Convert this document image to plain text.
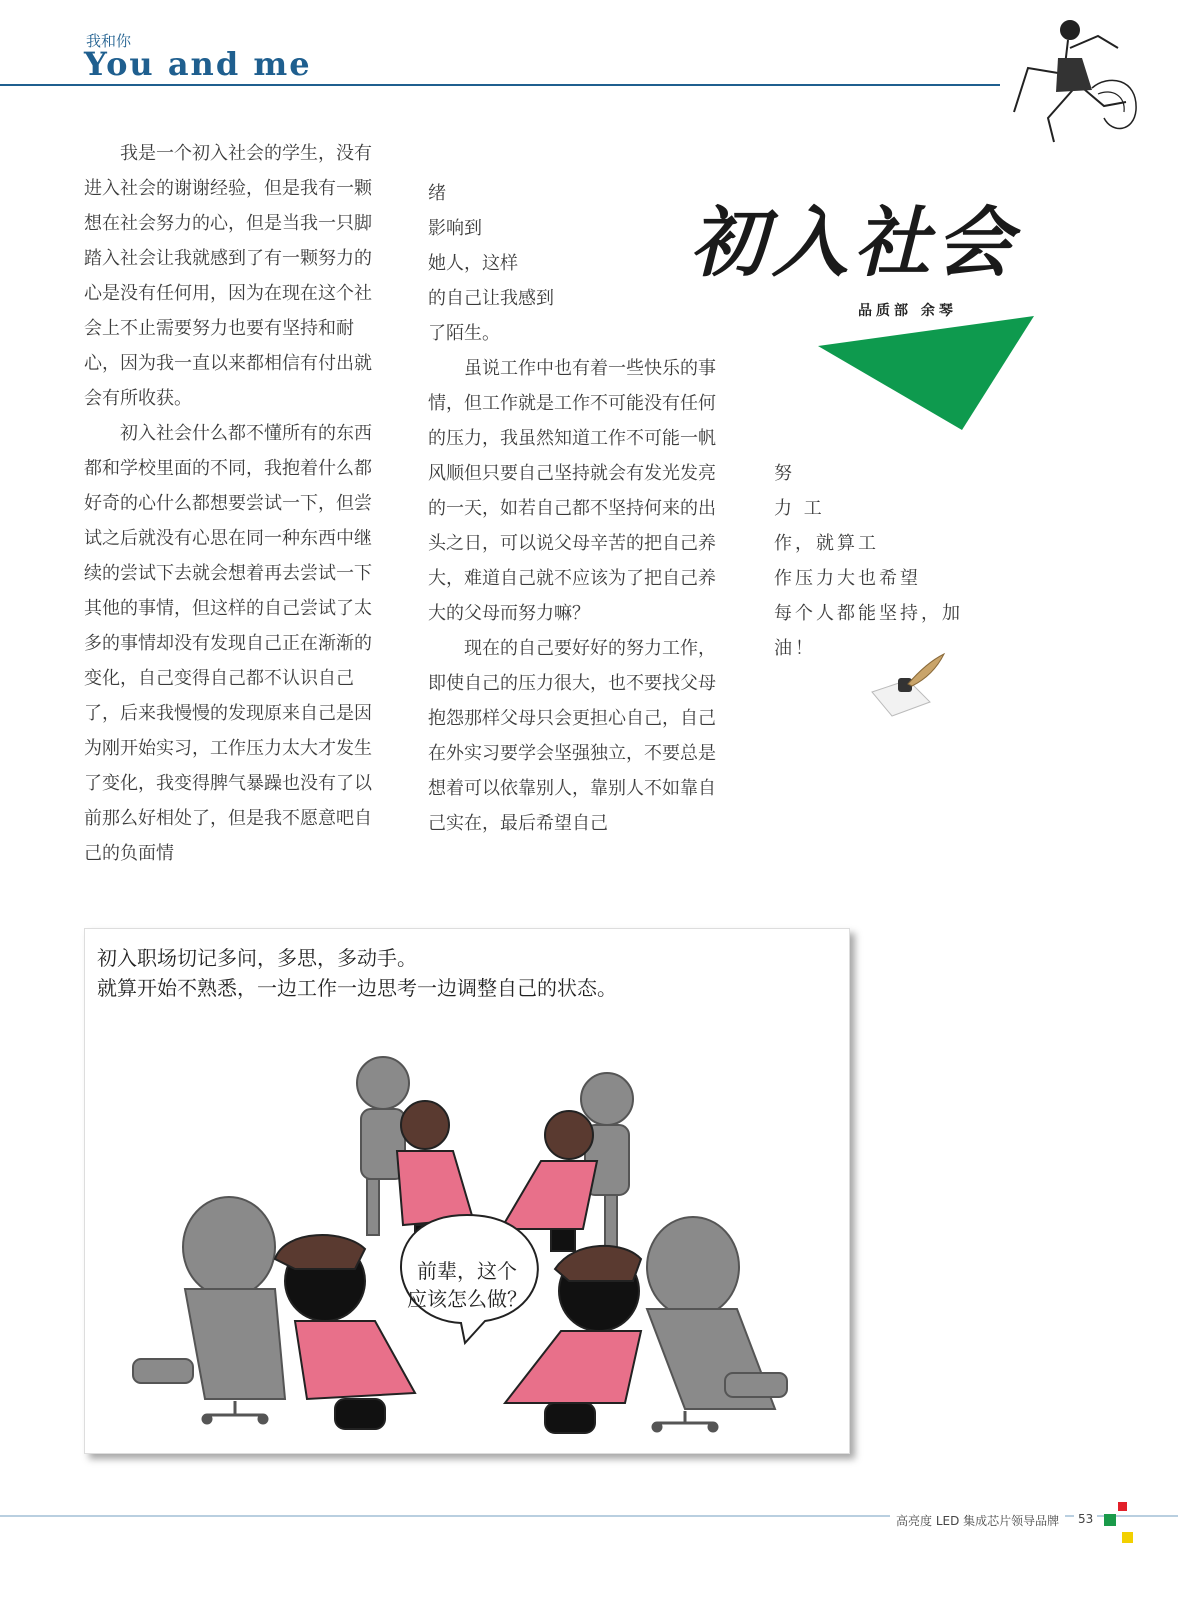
我和你
You and me
初入社会
品质部 余琴

我是一个初入社会的学生，没有进入社会的谢谢经验，但是我有一颗想在社会努力的心，但是当我一只脚踏入社会让我就感到了有一颗努力的心是没有任何用，因为在现在这个社会上不止需要努力也要有坚持和耐心，因为我一直以来都相信有付出就会有所收获。

初入社会什么都不懂所有的东西都和学校里面的不同，我抱着什么都好奇的心什么都想要尝试一下，但尝试之后就没有心思在同一种东西中继续的尝试下去就会想着再去尝试一下其他的事情，但这样的自己尝试了太多的事情却没有发现自己正在渐渐的变化，自己变得自己都不认识自己了，后来我慢慢的发现原来自己是因为刚开始实习，工作压力太大才发生了变化，我变得脾气暴躁也没有了以前那么好相处了，但是我不愿意吧自己的负面情

绪

影响到

她人，这样

的自己让我感到

了陌生。

虽说工作中也有着一些快乐的事情，但工作就是工作不可能没有任何的压力，我虽然知道工作不可能一帆风顺但只要自己坚持就会有发光发亮的一天，如若自己都不坚持何来的出头之日，可以说父母辛苦的把自己养大，难道自己就不应该为了把自己养大的父母而努力嘛？

现在的自己要好好的努力工作，即使自己的压力很大，也不要找父母抱怨那样父母只会更担心自己，自己在外实习要学会坚强独立，不要总是想着可以依靠别人，靠别人不如靠自己实在，最后希望自己

努

力 工

作，就算工

作压力大也希望

每个人都能坚持，加

油！

初入职场切记多问，多思，多动手。
就算开始不熟悉，一边工作一边思考一边调整自己的状态。
前辈，这个
应该怎么做？
高亮度 LED 集成芯片领导品牌	53
